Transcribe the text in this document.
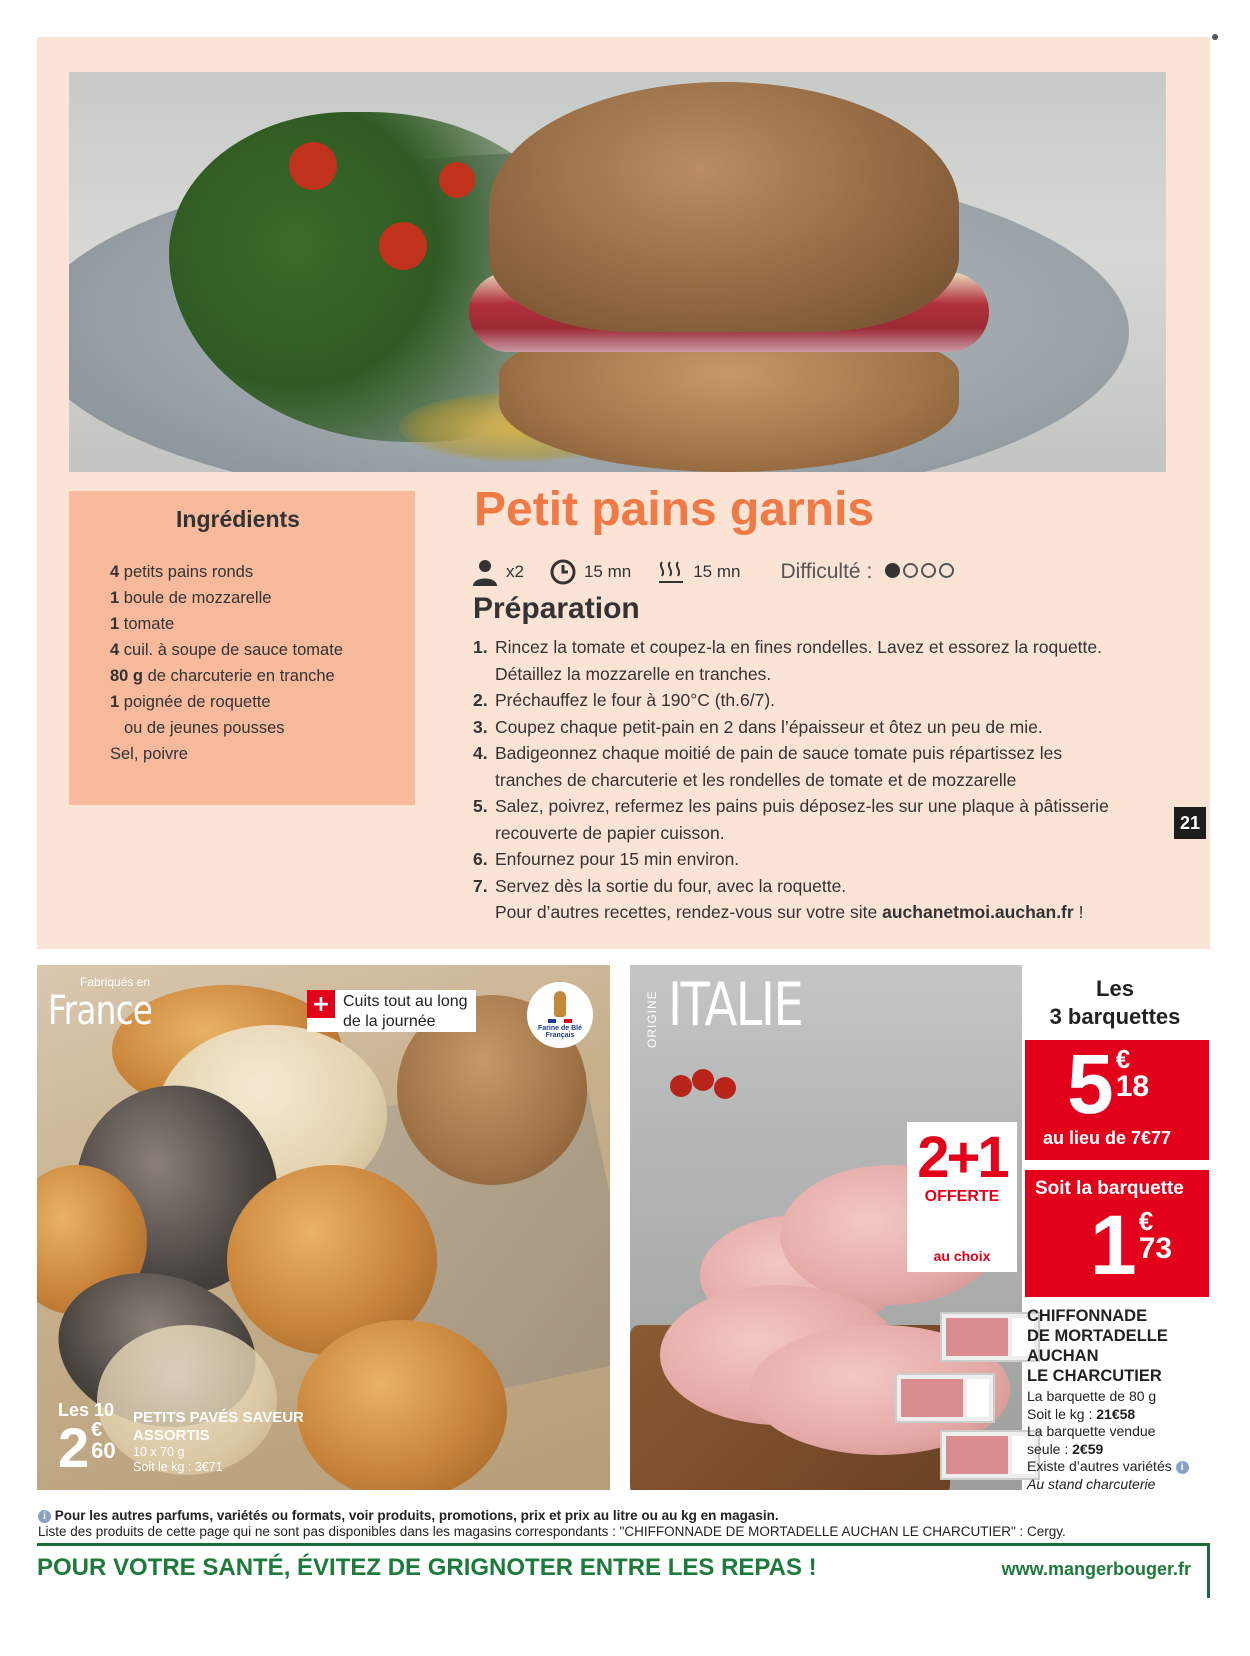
Ingrédients
4 petits pains ronds
1 boule de mozzarelle
1 tomate
4 cuil. à soupe de sauce tomate
80 g de charcuterie en tranche
1 poignée de roquette
ou de jeunes pousses
Sel, poivre
Petit pains garnis
x2	15 mn	15 mn Difficulté :
Préparation
1. Rincez la tomate et coupez-la en fines rondelles. Lavez et essorez la roquette.
Détaillez la mozzarelle en tranches.
2. Préchauffez le four à 190°C (th.6/7).
3. Coupez chaque petit-pain en 2 dans l’épaisseur et ôtez un peu de mie.
4. Badigeonnez chaque moitié de pain de sauce tomate puis répartissez les
tranches de charcuterie et les rondelles de tomate et de mozzarelle
5. Salez, poivrez, refermez les pains puis déposez-les sur une plaque à pâtisserie
recouverte de papier cuisson.
6. Enfournez pour 15 min environ.
7. Servez dès la sortie du four, avec la roquette.
Pour d’autres recettes, rendez-vous sur votre site auchanetmoi.auchan.fr !
21
Fabriqués en
France	+ Cuits tout au long
de la journée	Farine de Blé
Français
Les 10
2 €
60
PETITS PAVÉS SAVEUR
ASSORTIS
10 x 70 g
Soit le kg : 3€71
ORIGINE ITALIE
2+1
OFFERTE
au choix
Les
3 barquettes
5 €
18
au lieu de 7€77
Soit la barquette
1 €
73
CHIFFONNADE
DE MORTADELLE
AUCHAN
LE CHARCUTIER
La barquette de 80 g
Soit le kg : 21€58
La barquette vendue
seule : 2€59
Existe d’autres variétés i
Au stand charcuterie
i Pour les autres parfums, variétés ou formats, voir produits, promotions, prix et prix au litre ou au kg en magasin.
Liste des produits de cette page qui ne sont pas disponibles dans les magasins correspondants : "CHIFFONNADE DE MORTADELLE AUCHAN LE CHARCUTIER" : Cergy.
POUR VOTRE SANTÉ, ÉVITEZ DE GRIGNOTER ENTRE LES REPAS !	www.mangerbouger.fr
